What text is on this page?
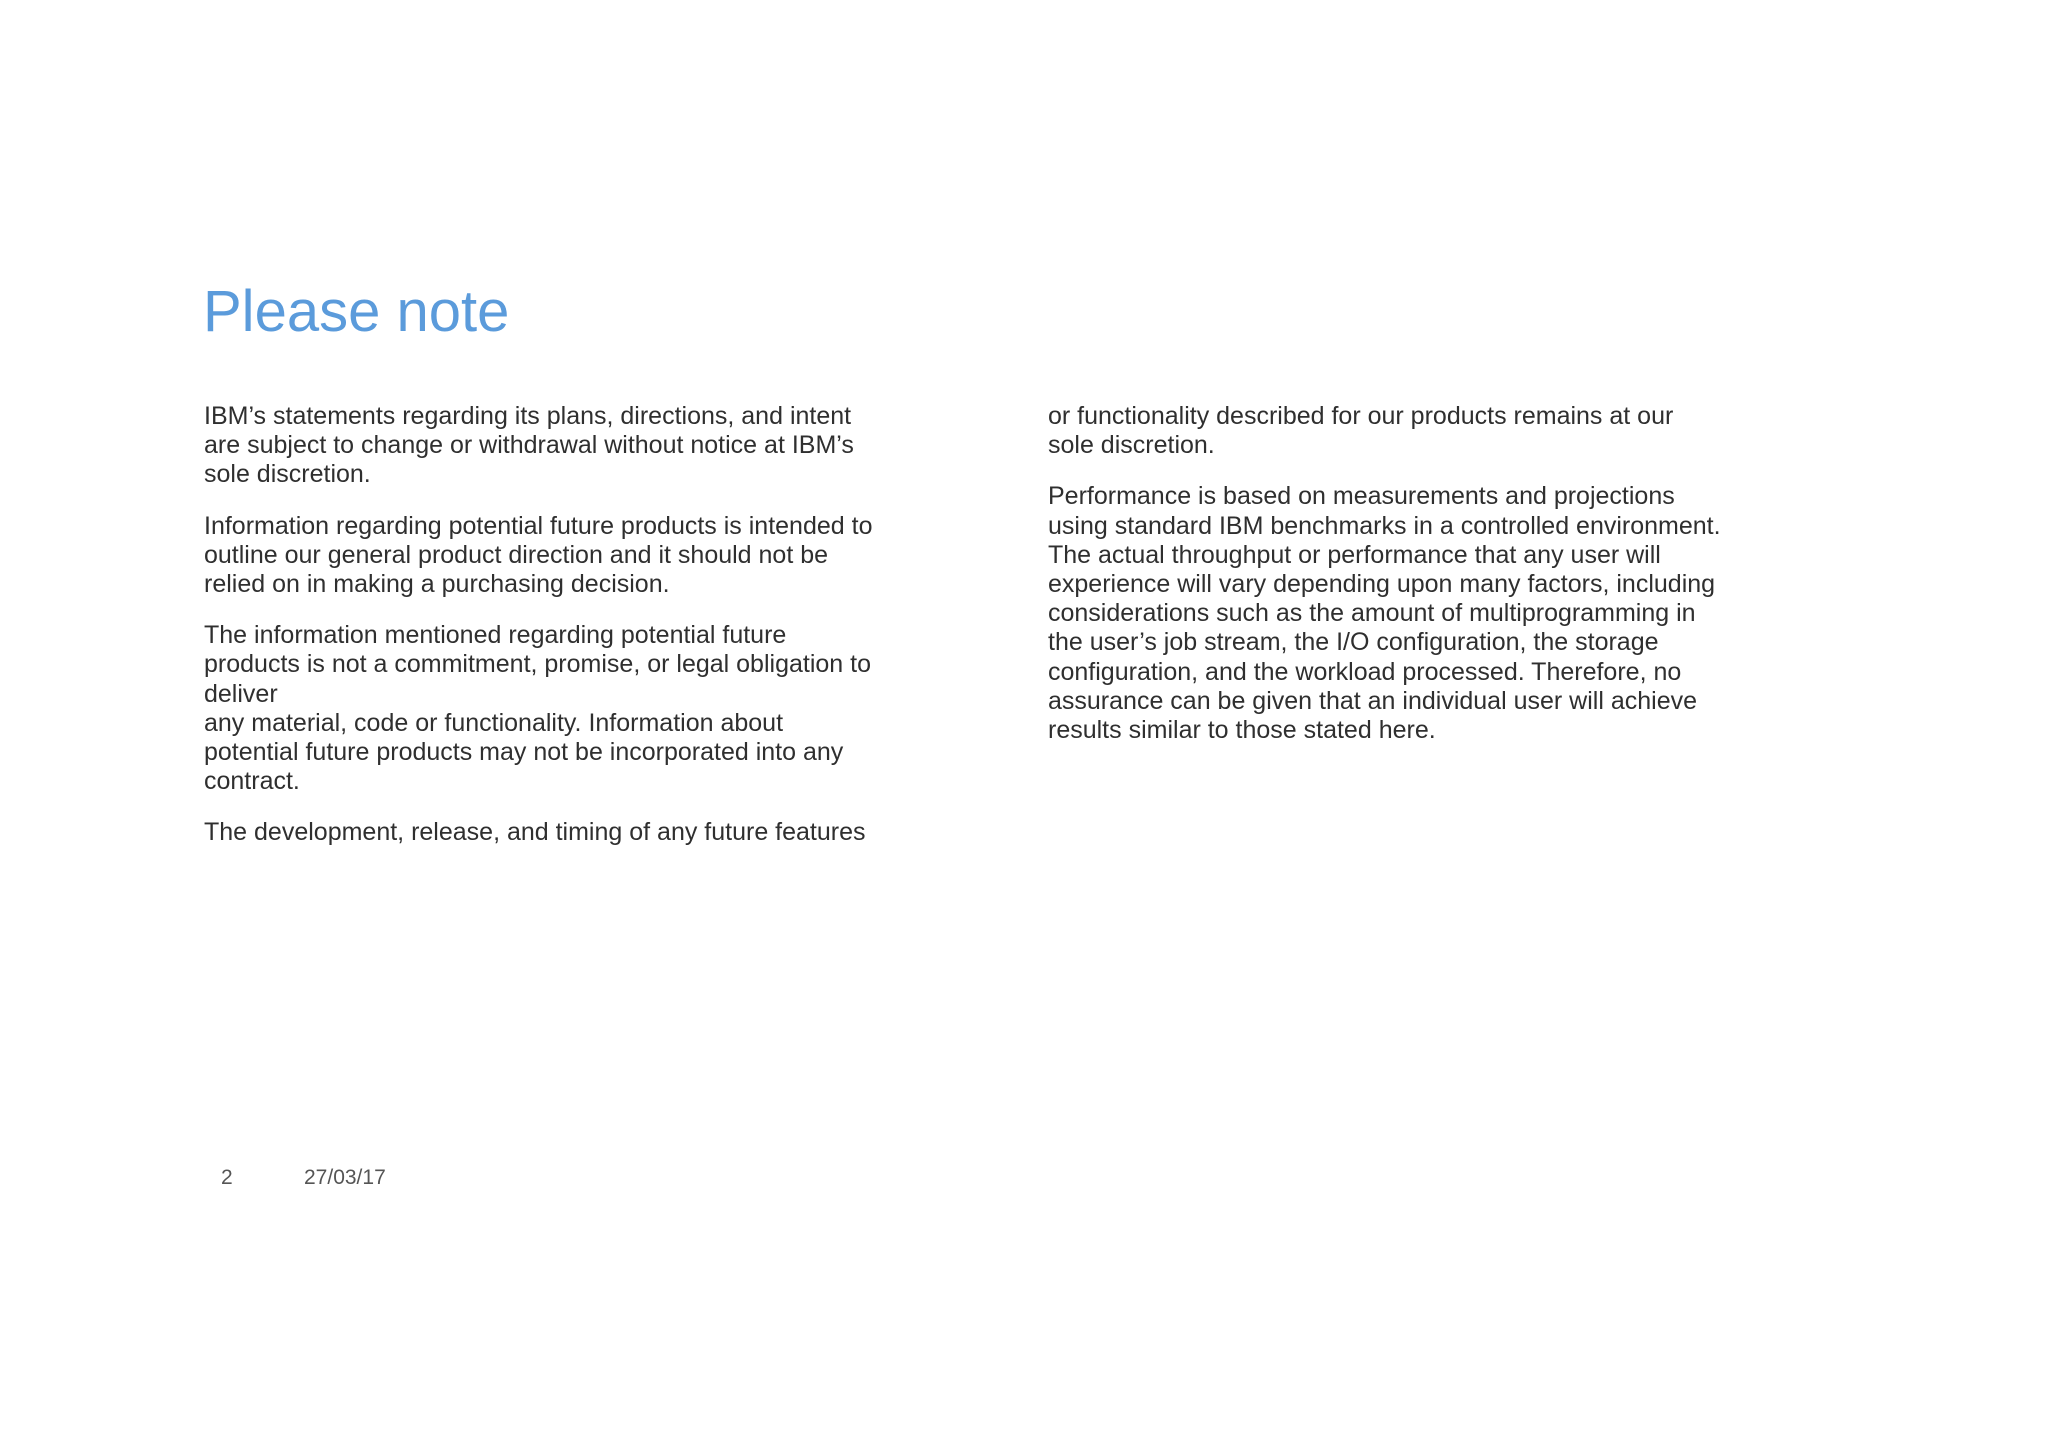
Please note

IBM’s statements regarding its plans, directions, and intent
are subject to change or withdrawal without notice at IBM’s
sole discretion.

Information regarding potential future products is intended to
outline our general product direction and it should not be
relied on in making a purchasing decision.

The information mentioned regarding potential future
products is not a commitment, promise, or legal obligation to
deliver
any material, code or functionality. Information about
potential future products may not be incorporated into any
contract.

The development, release, and timing of any future features

or functionality described for our products remains at our
sole discretion.

Performance is based on measurements and projections
using standard IBM benchmarks in a controlled environment.
The actual throughput or performance that any user will
experience will vary depending upon many factors, including
considerations such as the amount of multiprogramming in
the user’s job stream, the I/O configuration, the storage
configuration, and the workload processed. Therefore, no
assurance can be given that an individual user will achieve
results similar to those stated here.

2	27/03/17
